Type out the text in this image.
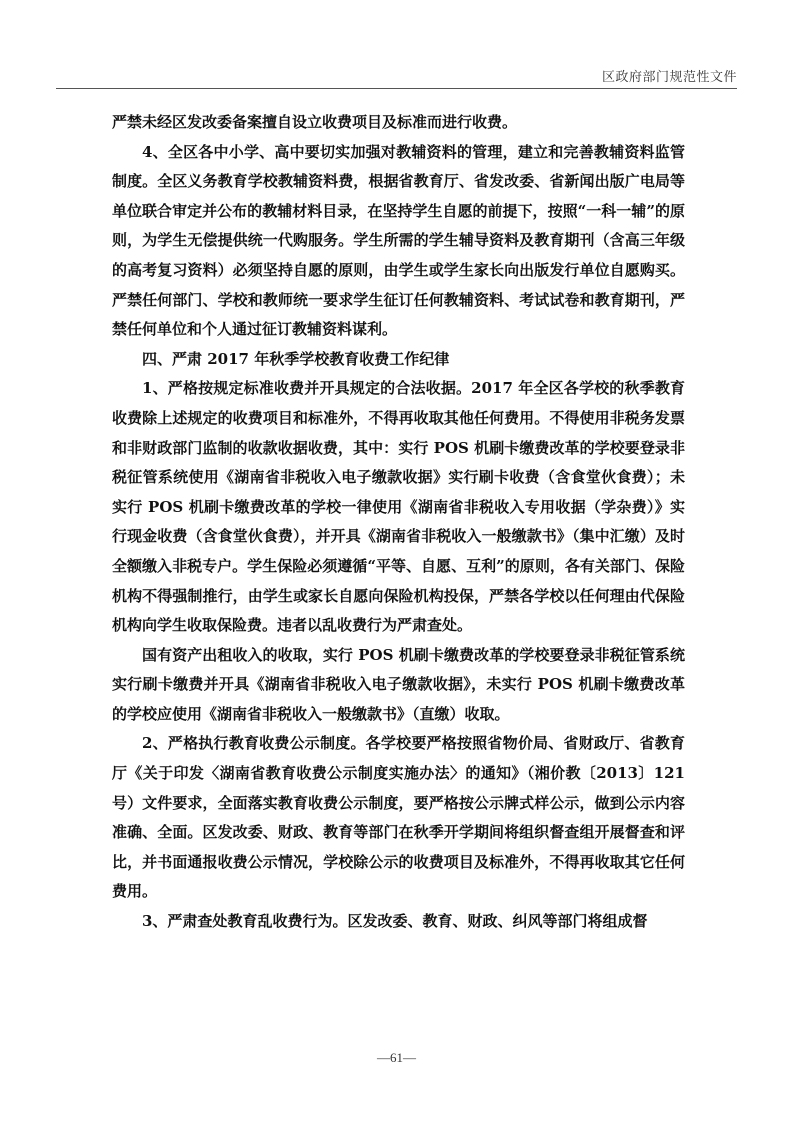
区政府部门规范性文件

严禁未经区发改委备案擅自设立收费项目及标准而进行收费。

4、全区各中小学、高中要切实加强对教辅资料的管理，建立和完善教辅资料监管制度。全区义务教育学校教辅资料费，根据省教育厅、省发改委、省新闻出版广电局等单位联合审定并公布的教辅材料目录，在坚持学生自愿的前提下，按照“一科一辅”的原则，为学生无偿提供统一代购服务。学生所需的学生辅导资料及教育期刊（含高三年级的高考复习资料）必须坚持自愿的原则，由学生或学生家长向出版发行单位自愿购买。严禁任何部门、学校和教师统一要求学生征订任何教辅资料、考试试卷和教育期刊，严禁任何单位和个人通过征订教辅资料谋利。

四、严肃 2017 年秋季学校教育收费工作纪律

1、严格按规定标准收费并开具规定的合法收据。2017 年全区各学校的秋季教育收费除上述规定的收费项目和标准外，不得再收取其他任何费用。不得使用非税务发票和非财政部门监制的收款收据收费，其中：实行 POS 机刷卡缴费改革的学校要登录非税征管系统使用《湖南省非税收入电子缴款收据》实行刷卡收费（含食堂伙食费）；未实行 POS 机刷卡缴费改革的学校一律使用《湖南省非税收入专用收据（学杂费）》实行现金收费（含食堂伙食费），并开具《湖南省非税收入一般缴款书》（集中汇缴）及时全额缴入非税专户。学生保险必须遵循“平等、自愿、互利”的原则，各有关部门、保险机构不得强制推行，由学生或家长自愿向保险机构投保，严禁各学校以任何理由代保险机构向学生收取保险费。违者以乱收费行为严肃查处。

国有资产出租收入的收取，实行 POS 机刷卡缴费改革的学校要登录非税征管系统实行刷卡缴费并开具《湖南省非税收入电子缴款收据》，未实行 POS 机刷卡缴费改革的学校应使用《湖南省非税收入一般缴款书》（直缴）收取。

2、严格执行教育收费公示制度。各学校要严格按照省物价局、省财政厅、省教育厅《关于印发〈湖南省教育收费公示制度实施办法〉的通知》（湘价教〔2013〕121 号）文件要求，全面落实教育收费公示制度，要严格按公示牌式样公示，做到公示内容准确、全面。区发改委、财政、教育等部门在秋季开学期间将组织督查组开展督查和评比，并书面通报收费公示情况，学校除公示的收费项目及标准外，不得再收取其它任何费用。

3、严肃查处教育乱收费行为。区发改委、教育、财政、纠风等部门将组成督

—61—
